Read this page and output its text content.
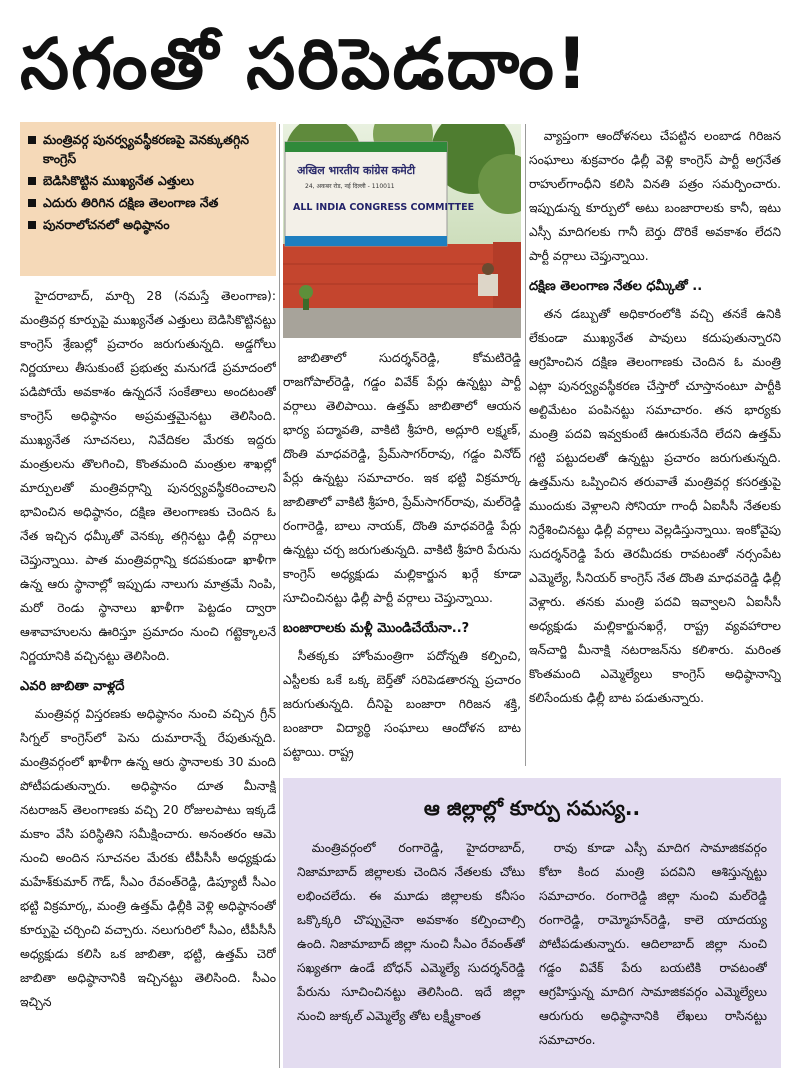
సగంతో సరిపెడదాం!
మంత్రివర్గ పునర్వ్యవస్థీకరణపై వెనక్కుతగ్గిన కాంగ్రెస్
బెడిసికొట్టిన ముఖ్యనేత ఎత్తులు
ఎదురు తిరిగిన దక్షిణ తెలంగాణ నేత
పునరాలోచనలో అధిష్ఠానం

హైదరాబాద్, మార్చి 28 (నమస్తే తెలంగాణ): మంత్రివర్గ కూర్పుపై ముఖ్యనేత ఎత్తులు బెడిసికొట్టినట్టు కాంగ్రెస్ శ్రేణుల్లో ప్రచారం జరుగుతున్నది. అడ్డగోలు నిర్ణయాలు తీసుకుంటే ప్రభుత్వ మనుగడే ప్రమాదంలో పడిపోయే అవకాశం ఉన్నదనే సంకేతాలు అందటంతో కాంగ్రెస్ అధిష్ఠానం అప్రమత్తమైనట్టు తెలిసింది. ముఖ్యనేత సూచనలు, నివేదికల మేరకు ఇద్దరు మంత్రులను తొలగించి, కొంతమంది మంత్రుల శాఖల్లో మార్పులతో మంత్రివర్గాన్ని పునర్వ్యవస్థీకరించాలని భావించిన అధిష్ఠానం, దక్షిణ తెలంగాణకు చెందిన ఓ నేత ఇచ్చిన ధమ్కీతో వెనక్కు తగ్గినట్టు ఢిల్లీ వర్గాలు చెప్తున్నాయి. పాత మంత్రివర్గాన్ని కదపకుండా ఖాళీగా ఉన్న ఆరు స్థానాల్లో ఇప్పుడు నాలుగు మాత్రమే నింపి, మరో రెండు స్థానాలు ఖాళీగా పెట్టడం ద్వారా ఆశావాహులను ఊరిస్తూ ప్రమాదం నుంచి గట్టెక్కాలనే నిర్ణయానికి వచ్చినట్టు తెలిసింది.

ఎవరి జాబితా వాళ్లదే

మంత్రివర్గ విస్తరణకు అధిష్ఠానం నుంచి వచ్చిన గ్రీన్ సిగ్నల్ కాంగ్రెస్‌లో పెను దుమారాన్నే రేపుతున్నది. మంత్రివర్గంలో ఖాళీగా ఉన్న ఆరు స్థానాలకు 30 మంది పోటీపడుతున్నారు. అధిష్ఠానం దూత మీనాక్షి నటరాజన్ తెలంగాణకు వచ్చి 20 రోజులపాటు ఇక్కడే మకాం వేసి పరిస్థితిని సమీక్షించారు. అనంతరం ఆమె నుంచి అందిన సూచనల మేరకు టీపీసీసీ అధ్యక్షుడు మహేశ్‌కుమార్ గౌడ్, సీఎం రేవంత్‌రెడ్డి, డిప్యూటీ సీఎం భట్టి విక్రమార్క, మంత్రి ఉత్తమ్ ఢిల్లీకి వెళ్లి అధిష్ఠానంతో కూర్పుపై చర్చించి వచ్చారు. నలుగురిలో సీఎం, టీపీసీసీ అధ్యక్షుడు కలిసి ఒక జాబితా, భట్టి, ఉత్తమ్ చెరో జాబితా అధిష్ఠానానికి ఇచ్చినట్టు తెలిసింది. సీఎం ఇచ్చిన

अखिल भारतीय कांग्रेस कमेटी
24, अकबर रोड, नई दिल्ली - 110011
ALL INDIA CONGRESS COMMITTEE

జాబితాలో సుదర్శన్‌రెడ్డి, కోమటిరెడ్డి రాజగోపాల్‌రెడ్డి, గడ్డం వివేక్ పేర్లు ఉన్నట్టు పార్టీ వర్గాలు తెలిపాయి. ఉత్తమ్ జాబితాలో ఆయన భార్య పద్మావతి, వాకిటి శ్రీహరి, అద్లూరి లక్ష్మణ్, దొంతి మాధవరెడ్డి, ప్రేమ్‌సాగర్‌రావు, గడ్డం వినోద్ పేర్లు ఉన్నట్టు సమాచారం. ఇక భట్టి విక్రమార్క జాబితాలో వాకిటి శ్రీహరి, ప్రేమ్‌సాగర్‌రావు, మల్‌రెడ్డి రంగారెడ్డి, బాలు నాయక్, దొంతి మాధవరెడ్డి పేర్లు ఉన్నట్టు చర్చ జరుగుతున్నది. వాకిటి శ్రీహరి పేరును కాంగ్రెస్ అధ్యక్షుడు మల్లికార్జున ఖర్గే కూడా సూచించినట్టు ఢిల్లీ పార్టీ వర్గాలు చెప్తున్నాయి.

బంజారాలకు మళ్లీ మొండిచేయేనా..?

సీతక్కకు హోంమంత్రిగా పదోన్నతి కల్పించి, ఎస్టీలకు ఒకే ఒక్క బెర్త్‌తో సరిపెడతారన్న ప్రచారం జరుగుతున్నది. దీనిపై బంజారా గిరిజన శక్తి, బంజారా విద్యార్థి సంఘాలు ఆందోళన బాట పట్టాయి. రాష్ట్ర

వ్యాప్తంగా ఆందోళనలు చేపట్టిన లంబాడ గిరిజన సంఘాలు శుక్రవారం ఢిల్లీ వెళ్లి కాంగ్రెస్ పార్టీ అగ్రనేత రాహుల్‌గాంధీని కలిసి వినతి పత్రం సమర్పించారు. ఇప్పుడున్న కూర్పులో అటు బంజారాలకు కానీ, ఇటు ఎస్సీ మాదిగలకు గానీ బెర్తు దొరికే అవకాశం లేదని పార్టీ వర్గాలు చెప్తున్నాయి.

దక్షిణ తెలంగాణ నేతల ధమ్కీతో ..

తన డబ్బుతో అధికారంలోకి వచ్చి తనకే ఉనికి లేకుండా ముఖ్యనేత పావులు కదుపుతున్నారని ఆగ్రహించిన దక్షిణ తెలంగాణకు చెందిన ఓ మంత్రి ఎట్లా పునర్వ్యవస్థీకరణ చేస్తారో చూస్తానంటూ పార్టీకి అల్టిమేటం పంపినట్టు సమాచారం. తన భార్యకు మంత్రి పదవి ఇవ్వకుంటే ఊరుకునేది లేదని ఉత్తమ్ గట్టి పట్టుదలతో ఉన్నట్టు ప్రచారం జరుగుతున్నది. ఉత్తమ్‌ను ఒప్పించిన తరువాతే మంత్రివర్గ కసరత్తుపై ముందుకు వెళ్లాలని సోనియా గాంధీ ఏఐసీసీ నేతలకు నిర్దేశించినట్టు ఢిల్లీ వర్గాలు వెల్లడిస్తున్నాయి. ఇంకోవైపు సుదర్శన్‌రెడ్డి పేరు తెరమీదకు రావటంతో నర్సంపేట ఎమ్మెల్యే, సీనియర్ కాంగ్రెస్ నేత దొంతి మాధవరెడ్డి ఢిల్లీ వెళ్లారు. తనకు మంత్రి పదవి ఇవ్వాలని ఏఐసీసీ అధ్యక్షుడు మల్లికార్జునఖర్గే, రాష్ట్ర వ్యవహారాల ఇన్‌చార్జి మీనాక్షి నటరాజన్‌ను కలిశారు. మరింత కొంతమంది ఎమ్మెల్యేలు కాంగ్రెస్ అధిష్ఠానాన్ని కలిసేందుకు ఢిల్లీ బాట పడుతున్నారు.

ఆ జిల్లాల్లో కూర్పు సమస్య..

మంత్రివర్గంలో రంగారెడ్డి, హైదరాబాద్, నిజామాబాద్ జిల్లాలకు చెందిన నేతలకు చోటు లభించలేదు. ఈ మూడు జిల్లాలకు కనీసం ఒక్కొక్కరి చొప్పునైనా అవకాశం కల్పించాల్సి ఉంది. నిజామాబాద్ జిల్లా నుంచి సీఎం రేవంత్‌తో సఖ్యతగా ఉండే బోధన్ ఎమ్మెల్యే సుదర్శన్‌రెడ్డి పేరును సూచించినట్టు తెలిసింది. ఇదే జిల్లా నుంచి జుక్కల్ ఎమ్మెల్యే తోట లక్ష్మీకాంత

రావు కూడా ఎస్సీ మాదిగ సామాజికవర్గం కోటా కింద మంత్రి పదవిని ఆశిస్తున్నట్టు సమాచారం. రంగారెడ్డి జిల్లా నుంచి మల్‌రెడ్డి రంగారెడ్డి, రామ్మోహన్‌రెడ్డి, కాలె యాదయ్య పోటీపడుతున్నారు. ఆదిలాబాద్ జిల్లా నుంచి గడ్డం వివేక్ పేరు బయటికి రావటంతో ఆగ్రహిస్తున్న మాదిగ సామాజికవర్గం ఎమ్మెల్యేలు ఆరుగురు అధిష్ఠానానికి లేఖలు రాసినట్టు సమాచారం.
